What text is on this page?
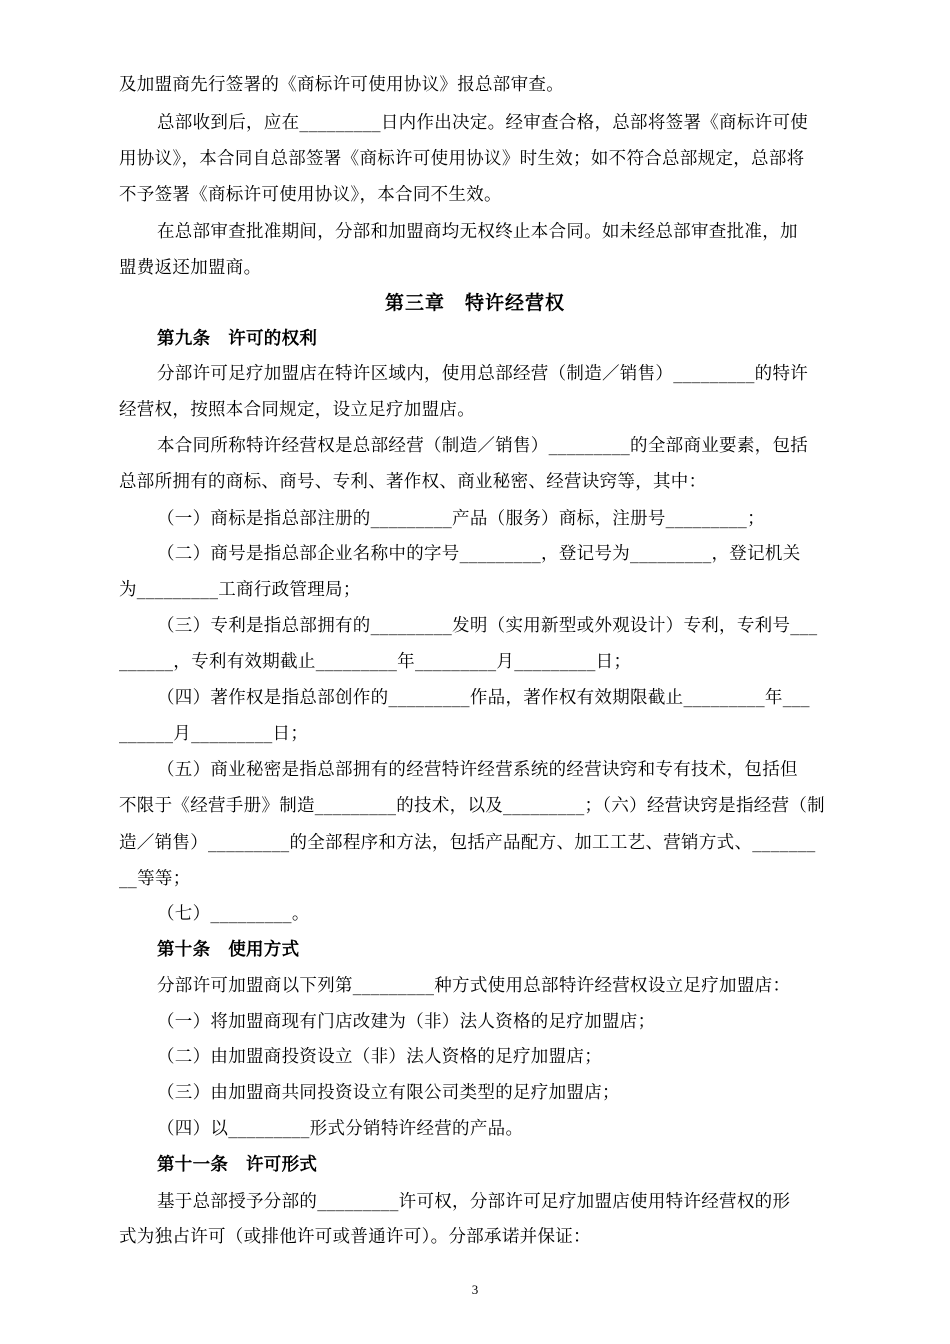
及加盟商先行签署的《商标许可使用协议》报总部审查。
总部收到后，应在_________日内作出决定。经审查合格，总部将签署《商标许可使
用协议》，本合同自总部签署《商标许可使用协议》时生效；如不符合总部规定，总部将
不予签署《商标许可使用协议》，本合同不生效。
在总部审查批准期间，分部和加盟商均无权终止本合同。如未经总部审查批准，加
盟费返还加盟商。
第三章　特许经营权
第九条　许可的权利
分部许可足疗加盟店在特许区域内，使用总部经营（制造／销售）_________的特许
经营权，按照本合同规定，设立足疗加盟店。
本合同所称特许经营权是总部经营（制造／销售）_________的全部商业要素，包括
总部所拥有的商标、商号、专利、著作权、商业秘密、经营诀窍等，其中：
（一）商标是指总部注册的_________产品（服务）商标，注册号_________；
（二）商号是指总部企业名称中的字号_________，登记号为_________，登记机关
为_________工商行政管理局；
（三）专利是指总部拥有的_________发明（实用新型或外观设计）专利，专利号___
______，专利有效期截止_________年_________月_________日；
（四）著作权是指总部创作的_________作品，著作权有效期限截止_________年___
______月_________日；
（五）商业秘密是指总部拥有的经营特许经营系统的经营诀窍和专有技术，包括但
不限于《经营手册》制造_________的技术，以及_________；（六）经营诀窍是指经营（制
造／销售）_________的全部程序和方法，包括产品配方、加工工艺、营销方式、_______
__等等；
（七）_________。
第十条　使用方式
分部许可加盟商以下列第_________种方式使用总部特许经营权设立足疗加盟店：
（一）将加盟商现有门店改建为（非）法人资格的足疗加盟店；
（二）由加盟商投资设立（非）法人资格的足疗加盟店；
（三）由加盟商共同投资设立有限公司类型的足疗加盟店；
（四）以_________形式分销特许经营的产品。
第十一条　许可形式
基于总部授予分部的_________许可权，分部许可足疗加盟店使用特许经营权的形
式为独占许可（或排他许可或普通许可）。分部承诺并保证：
3
